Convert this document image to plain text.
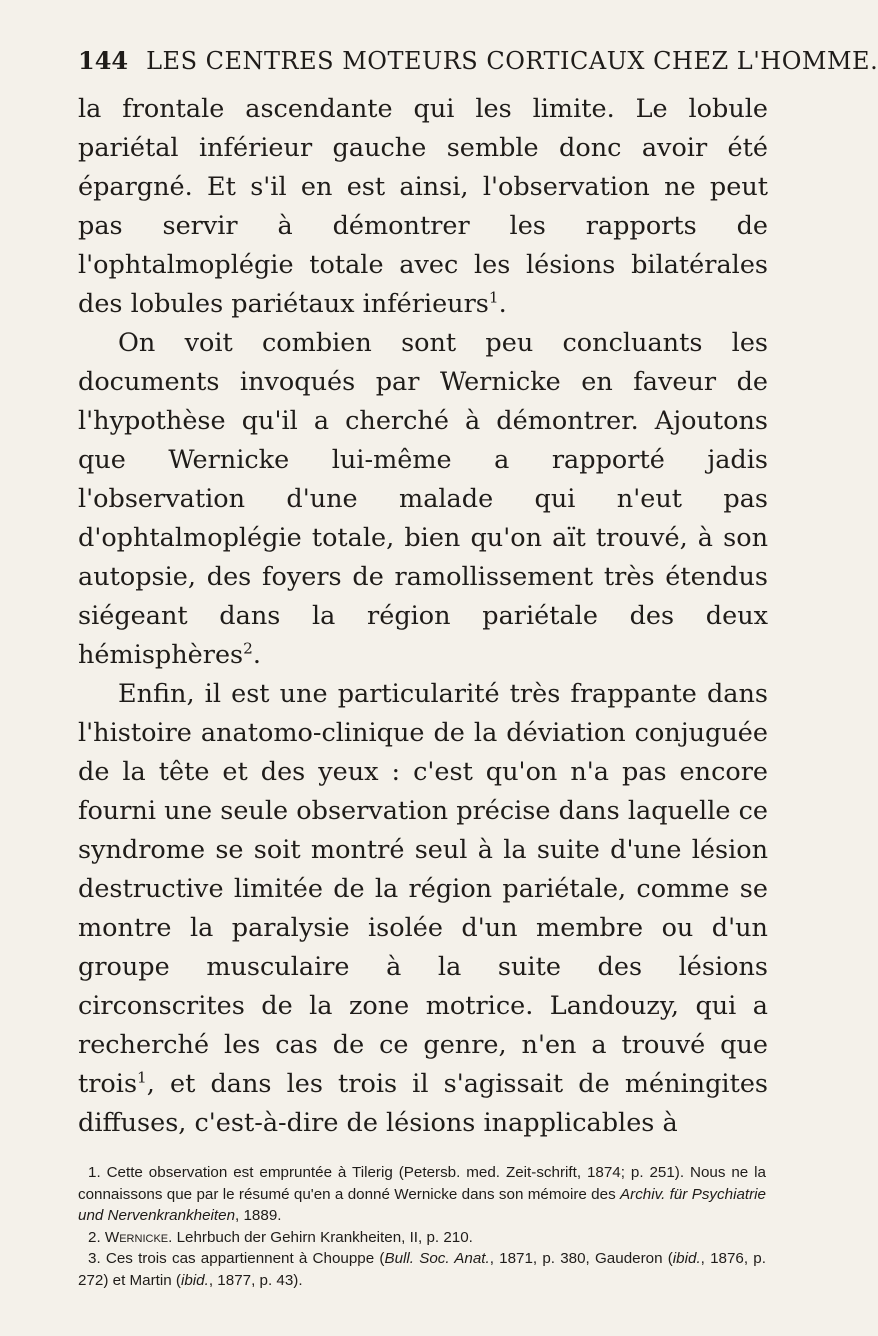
144 LES CENTRES MOTEURS CORTICAUX CHEZ L'HOMME.

la frontale ascendante qui les limite. Le lobule pariétal inférieur gauche semble donc avoir été épargné. Et s'il en est ainsi, l'observation ne peut pas servir à démontrer les rapports de l'ophtalmoplégie totale avec les lésions bilatérales des lobules pariétaux inférieurs$^1$.

On voit combien sont peu concluants les documents invoqués par Wernicke en faveur de l'hypothèse qu'il a cherché à démontrer. Ajoutons que Wernicke lui-même a rapporté jadis l'observation d'une malade qui n'eut pas d'ophtalmoplégie totale, bien qu'on aït trouvé, à son autopsie, des foyers de ramollissement très étendus siégeant dans la région pariétale des deux hémisphères$^2$.

Enfin, il est une particularité très frappante dans l'histoire anatomo-clinique de la déviation conjuguée de la tête et des yeux : c'est qu'on n'a pas encore fourni une seule observation précise dans laquelle ce syndrome se soit montré seul à la suite d'une lésion destructive limitée de la région pariétale, comme se montre la paralysie isolée d'un membre ou d'un groupe musculaire à la suite des lésions circonscrites de la zone motrice. Landouzy, qui a recherché les cas de ce genre, n'en a trouvé que trois$^1$, et dans les trois il s'agissait de méningites diffuses, c'est-à-dire de lésions inapplicables à

1. Cette observation est empruntée à Tilerig (Petersb. med. Zeit-schrift, 1874; p. 251). Nous ne la connaissons que par le résumé qu'en a donné Wernicke dans son mémoire des Archiv. für Psychiatrie und Nervenkrankheiten, 1889.

2. Wernicke. Lehrbuch der Gehirn Krankheiten, II, p. 210.

3. Ces trois cas appartiennent à Chouppe (Bull. Soc. Anat., 1871, p. 380, Gauderon (ibid., 1876, p. 272) et Martin (ibid., 1877, p. 43).
